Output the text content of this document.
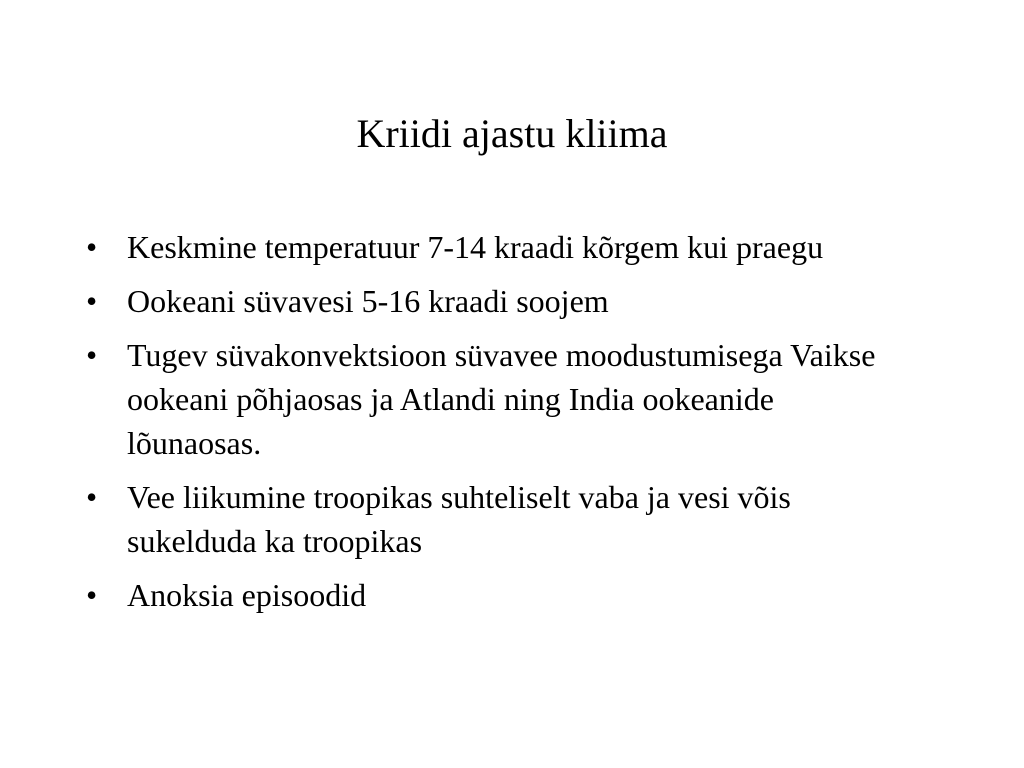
Kriidi ajastu kliima
• Keskmine temperatuur 7-14 kraadi kõrgem kui praegu
• Ookeani süvavesi 5-16 kraadi soojem
• Tugev süvakonvektsioon süvavee moodustumisega Vaikse ookeani põhjaosas ja Atlandi ning India ookeanide lõunaosas.
• Vee liikumine troopikas suhteliselt vaba ja vesi võis sukelduda ka troopikas
• Anoksia episoodid
